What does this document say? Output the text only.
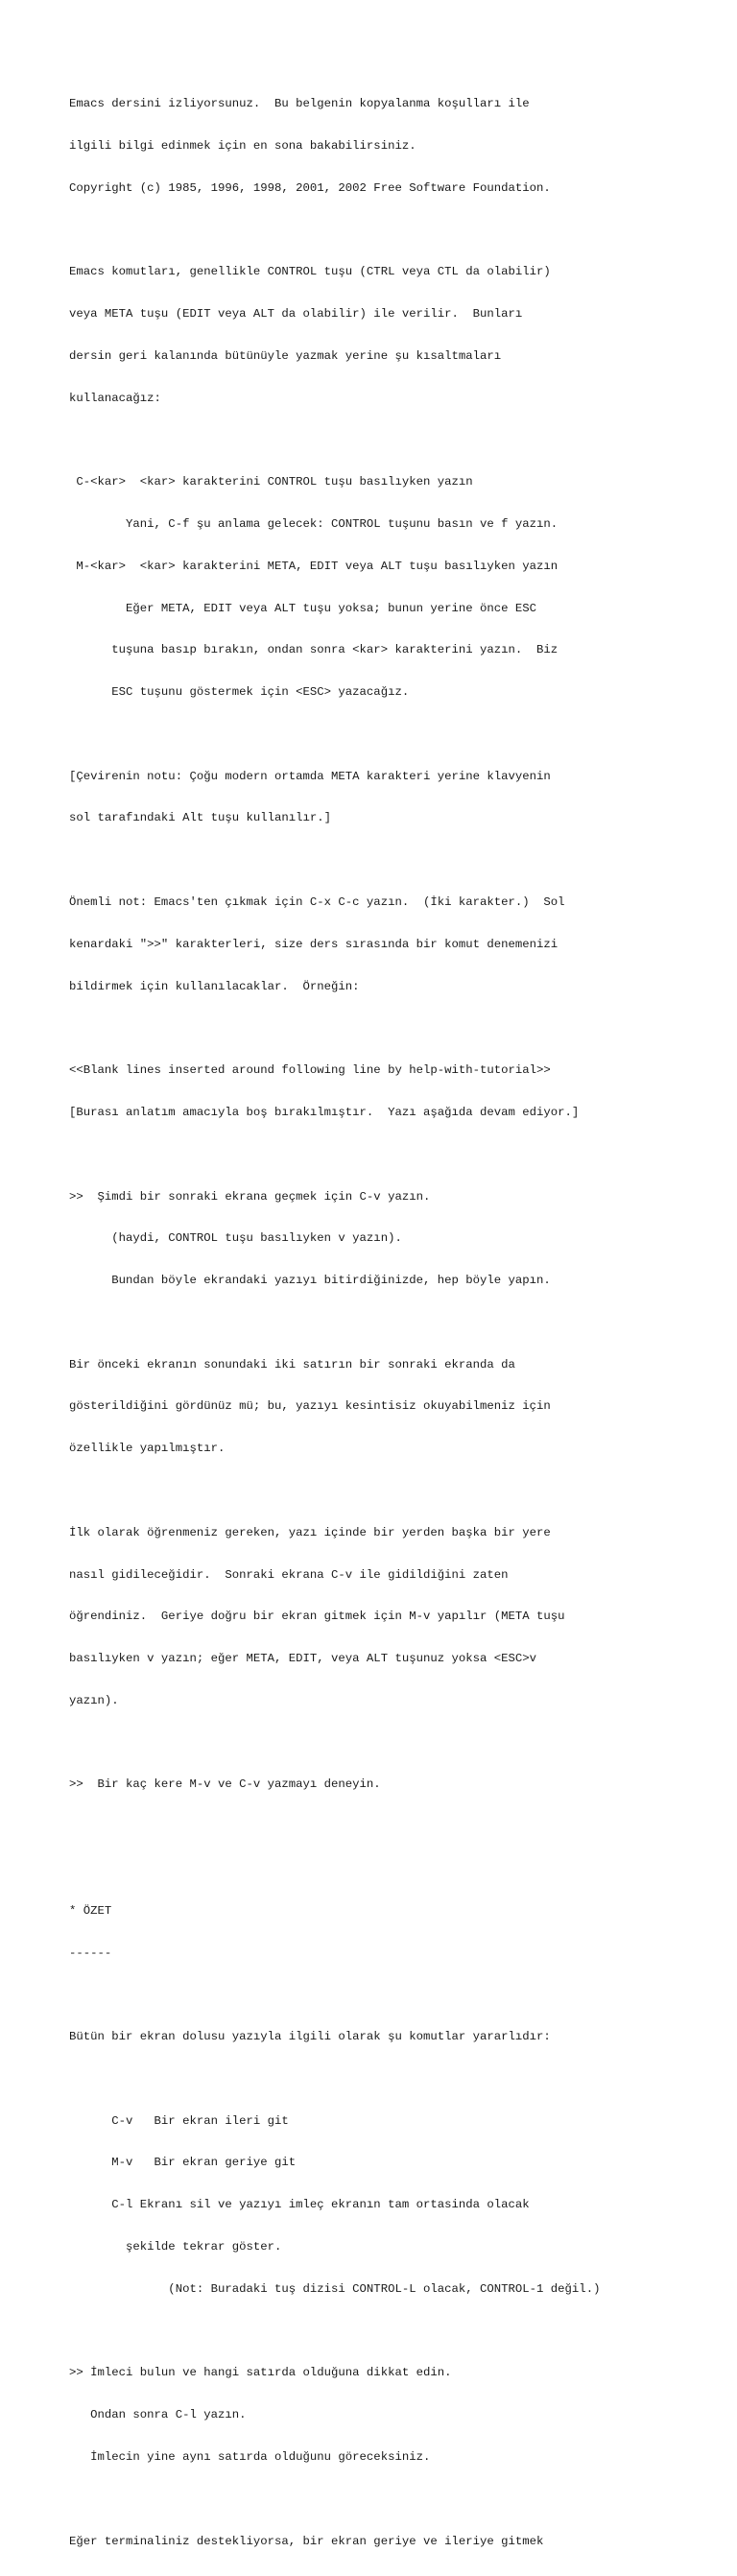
Emacs dersini izliyorsunuz.  Bu belgenin kopyalanma koşulları ile

ilgili bilgi edinmek için en sona bakabilirsiniz.

Copyright (c) 1985, 1996, 1998, 2001, 2002 Free Software Foundation.

Emacs komutları, genellikle CONTROL tuşu (CTRL veya CTL da olabilir)

veya META tuşu (EDIT veya ALT da olabilir) ile verilir.  Bunları

dersin geri kalanında bütünüyle yazmak yerine şu kısaltmaları

kullanacağız:

C-<kar>  <kar> karakterini CONTROL tuşu basılıyken yazın

Yani, C-f şu anlama gelecek: CONTROL tuşunu basın ve f yazın.

M-<kar>  <kar> karakterini META, EDIT veya ALT tuşu basılıyken yazın

Eğer META, EDIT veya ALT tuşu yoksa; bunun yerine önce ESC

tuşuna basıp bırakın, ondan sonra <kar> karakterini yazın.  Biz

ESC tuşunu göstermek için <ESC> yazacağız.

[Çevirenin notu: Çoğu modern ortamda META karakteri yerine klavyenin

sol tarafındaki Alt tuşu kullanılır.]

Önemli not: Emacs'ten çıkmak için C-x C-c yazın.  (İki karakter.)  Sol

kenardaki ">>" karakterleri, size ders sırasında bir komut denemenizi

bildirmek için kullanılacaklar.  Örneğin:

<<Blank lines inserted around following line by help-with-tutorial>>

[Burası anlatım amacıyla boş bırakılmıştır.  Yazı aşağıda devam ediyor.]

>>  Şimdi bir sonraki ekrana geçmek için C-v yazın.

(haydi, CONTROL tuşu basılıyken v yazın).

Bundan böyle ekrandaki yazıyı bitirdiğinizde, hep böyle yapın.

Bir önceki ekranın sonundaki iki satırın bir sonraki ekranda da

gösterildiğini gördünüz mü; bu, yazıyı kesintisiz okuyabilmeniz için

özellikle yapılmıştır.

İlk olarak öğrenmeniz gereken, yazı içinde bir yerden başka bir yere

nasıl gidileceğidir.  Sonraki ekrana C-v ile gidildiğini zaten

öğrendiniz.  Geriye doğru bir ekran gitmek için M-v yapılır (META tuşu

basılıyken v yazın; eğer META, EDIT, veya ALT tuşunuz yoksa <ESC>v

yazın).

>>  Bir kaç kere M-v ve C-v yazmayı deneyin.

* ÖZET

------

Bütün bir ekran dolusu yazıyla ilgili olarak şu komutlar yararlıdır:

C-v   Bir ekran ileri git

M-v   Bir ekran geriye git

C-l Ekranı sil ve yazıyı imleç ekranın tam ortasinda olacak

şekilde tekrar göster.

(Not: Buradaki tuş dizisi CONTROL-L olacak, CONTROL-1 değil.)

>> İmleci bulun ve hangi satırda olduğuna dikkat edin.

Ondan sonra C-l yazın.

İmlecin yine aynı satırda olduğunu göreceksiniz.

Eğer terminaliniz destekliyorsa, bir ekran geriye ve ileriye gitmek
